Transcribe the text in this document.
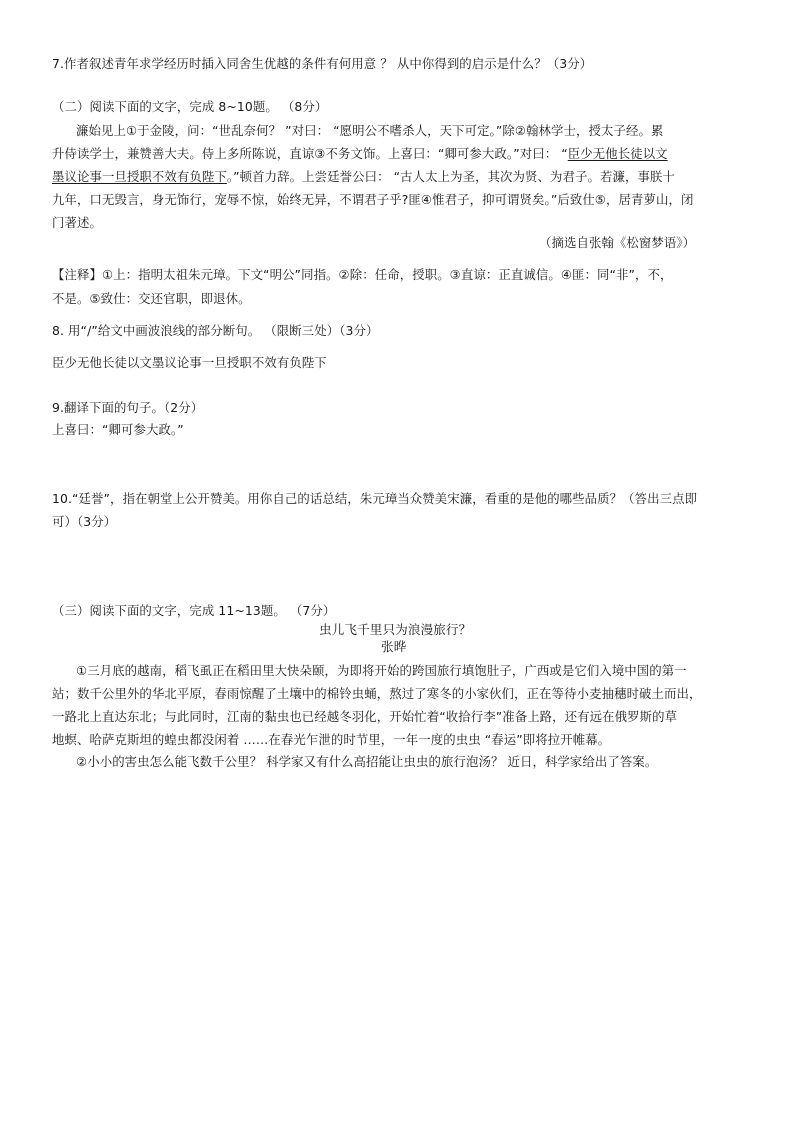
7.作者叙述青年求学经历时插入同舍生优越的条件有何用意 ？ 从中你得到的启示是什么？（3分）
（二）阅读下面的文字，完成 8~10题。 （8分）
濂始见上①于金陵，问：“世乱奈何？ ”对曰： “愿明公不嗜杀人，天下可定。”除②翰林学士，授太子经。累
升侍读学士，兼赞善大夫。侍上多所陈说，直谅③不务文饰。上喜曰：“卿可参大政。”对曰： “臣少无他长徒以文
墨议论事一旦授职不效有负陛下。”顿首力辞。上尝廷誉公曰： “古人太上为圣，其次为贤、为君子。若濂，事朕十
九年，口无毁言，身无饰行，宠辱不惊，始终无异，不谓君子乎?匪④惟君子，抑可谓贤矣。”后致仕⑤，居青萝山，闭
门著述。
（摘选自张翰《松窗梦语》）
【注释】①上：指明太祖朱元璋。下文“明公”同指。②除：任命，授职。③直谅：正直诚信。④匪：同“非”，不，
不是。⑤致仕：交还官职，即退休。
8. 用“/”给文中画波浪线的部分断句。 （限断三处）（3分）
臣少无他长徒以文墨议论事一旦授职不效有负陛下
9.翻译下面的句子。（2分）
上喜曰：“卿可参大政。”
10.“廷誉”，指在朝堂上公开赞美。用你自己的话总结，朱元璋当众赞美宋濂，看重的是他的哪些品质？（答出三点即
可）（3分）
（三）阅读下面的文字，完成 11~13题。 （7分）
虫儿飞千里只为浪漫旅行？
张晔
①三月底的越南，稻飞虱正在稻田里大快朵颐，为即将开始的跨国旅行填饱肚子，广西或是它们入境中国的第一
站；数千公里外的华北平原，春雨惊醒了土壤中的棉铃虫蛹，熬过了寒冬的小家伙们，正在等待小麦抽穗时破土而出，
一路北上直达东北；与此同时，江南的黏虫也已经越冬羽化，开始忙着“收拾行李”准备上路，还有远在俄罗斯的草
地螟、哈萨克斯坦的蝗虫都没闲着 ……在春光乍泄的时节里，一年一度的虫虫 “春运”即将拉开帷幕。
②小小的害虫怎么能飞数千公里？ 科学家又有什么高招能让虫虫的旅行泡汤？ 近日，科学家给出了答案。
